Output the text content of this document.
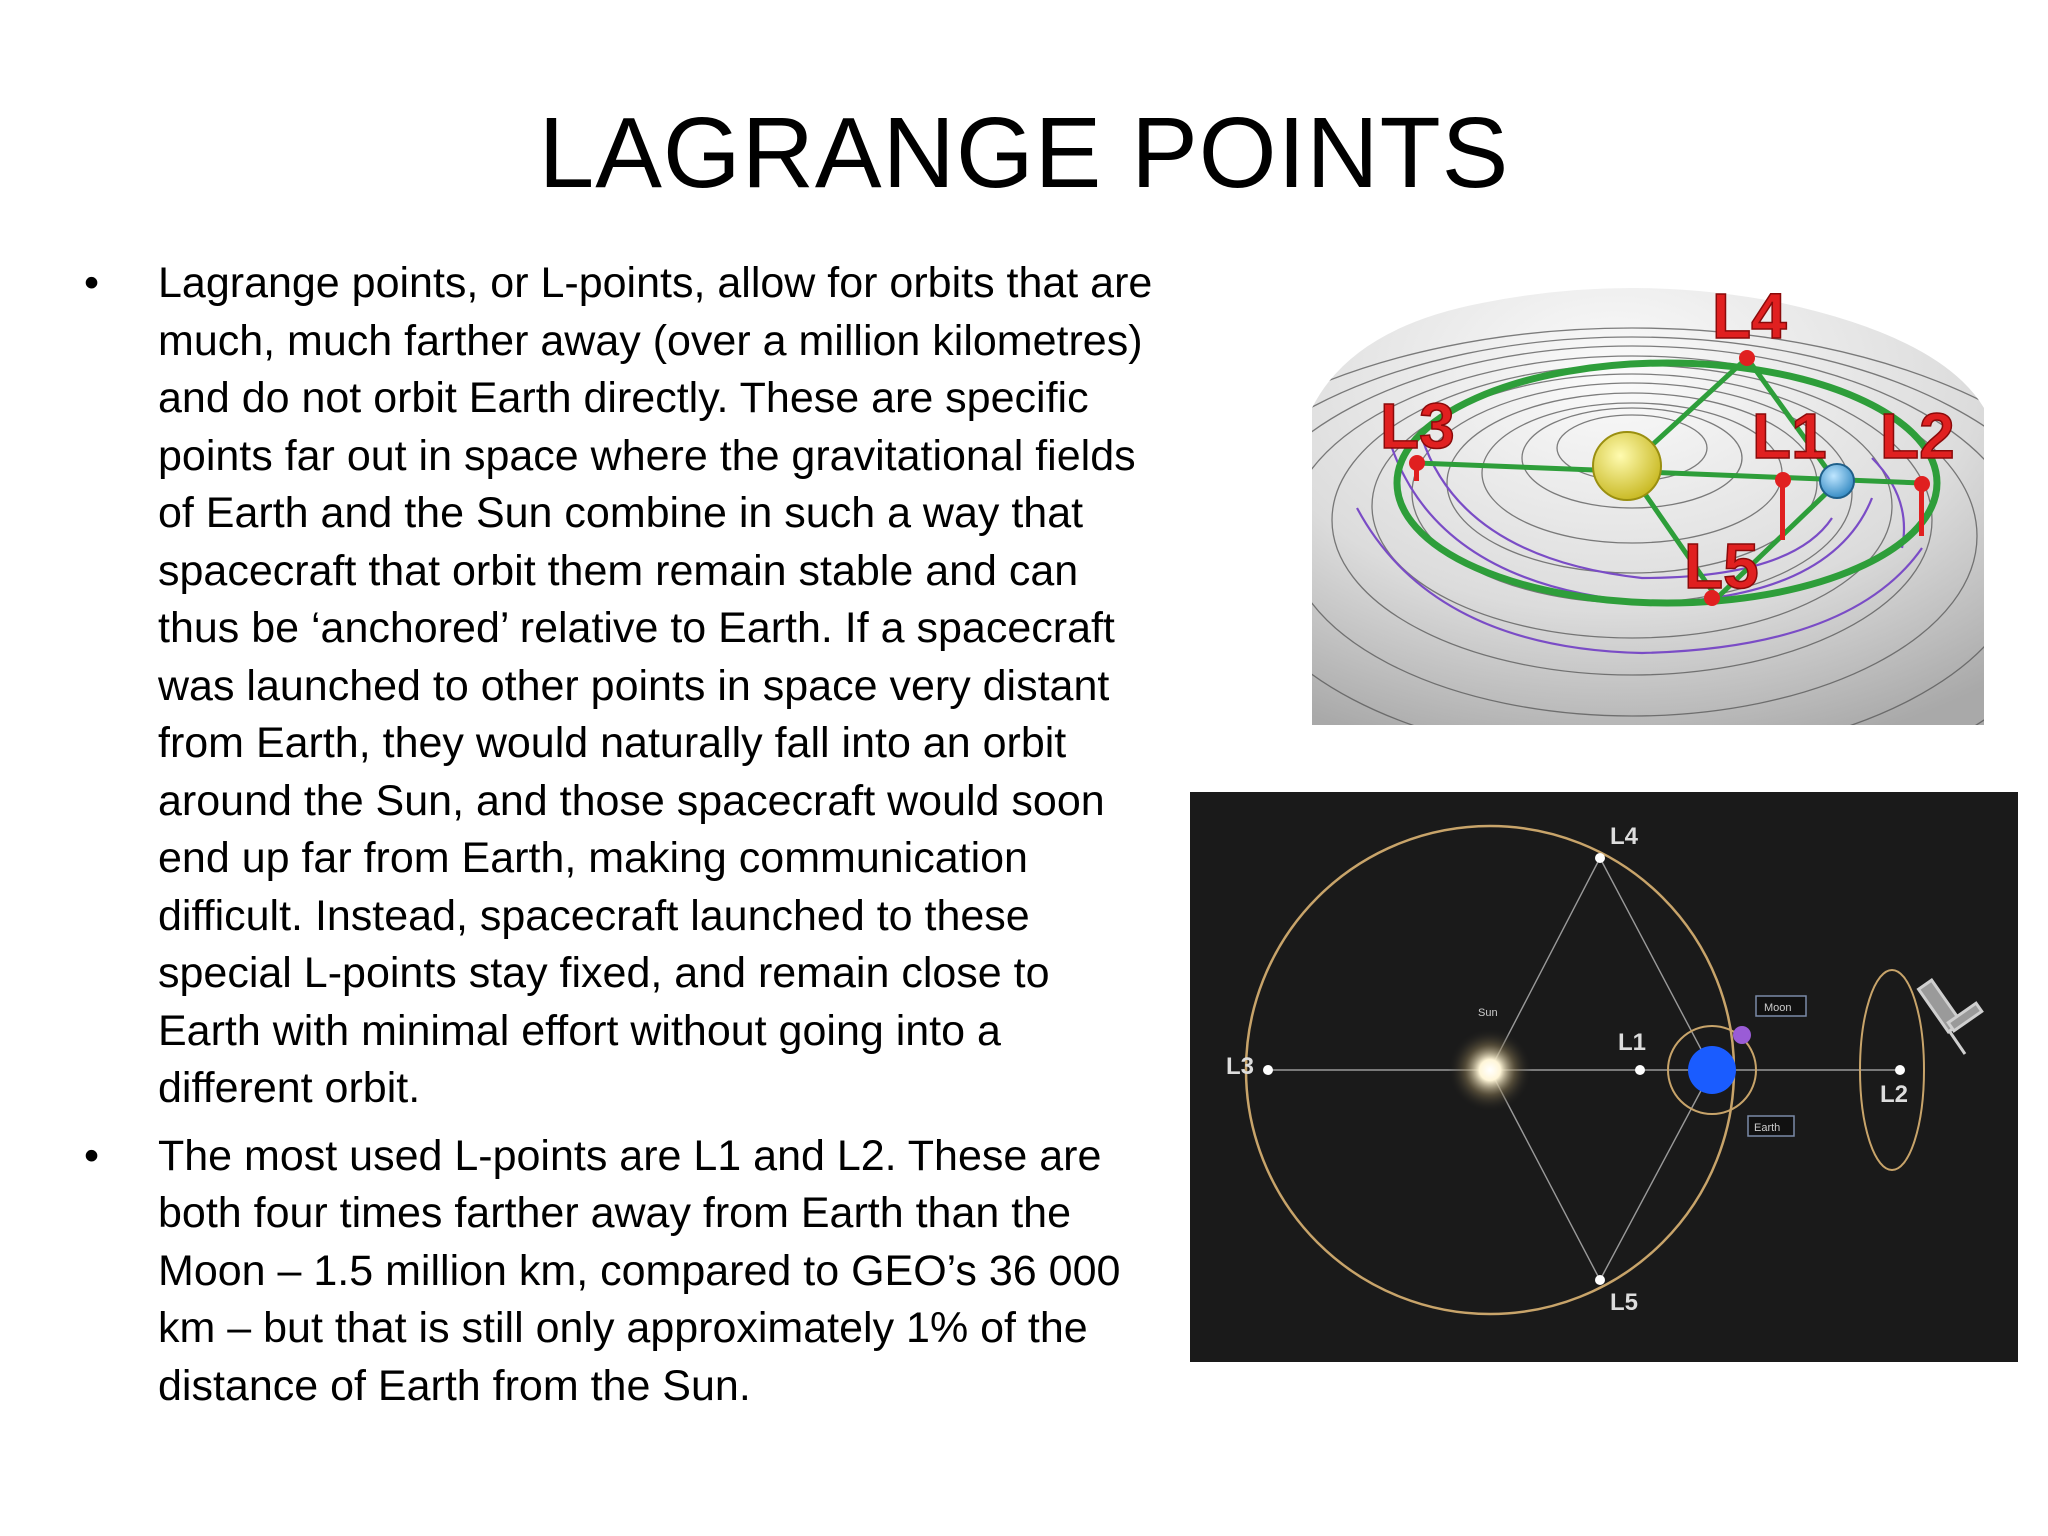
LAGRANGE POINTS
•	Lagrange points, or L-points, allow for orbits that are much, much farther away (over a million kilometres) and do not orbit Earth directly. These are specific points far out in space where the gravitational fields of Earth and the Sun combine in such a way that spacecraft that orbit them remain stable and can thus be ‘anchored’ relative to Earth. If a spacecraft was launched to other points in space very distant from Earth, they would naturally fall into an orbit around the Sun, and those spacecraft would soon end up far from Earth, making communication difficult. Instead, spacecraft launched to these special L-points stay fixed, and remain close to Earth with minimal effort without going into a different orbit.
•	The most used L-points are L1 and L2. These are both four times farther away from Earth than the Moon – 1.5 million km, compared to GEO’s 36 000 km – but that is still only approximately 1% of the distance of Earth from the Sun.
L3
L4
L1 L2
L5
L3
L4
L1
L2
L5
Sun	Moon
Earth
